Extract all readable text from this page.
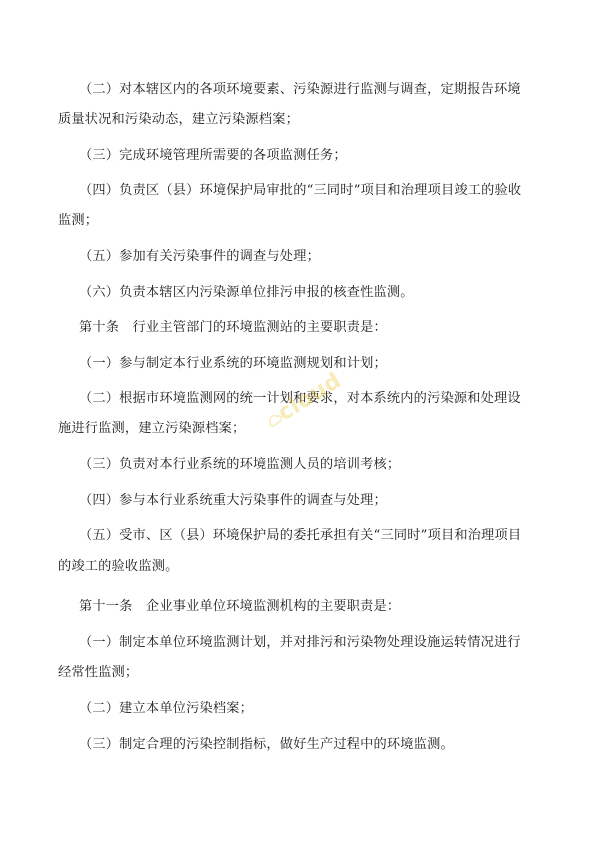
（二）对本辖区内的各项环境要素、污染源进行监测与调查，定期报告环境
质量状况和污染动态，建立污染源档案；
（三）完成环境管理所需要的各项监测任务；
（四）负责区（县）环境保护局审批的“三同时”项目和治理项目竣工的验收
监测；
（五）参加有关污染事件的调查与处理；
（六）负责本辖区内污染源单位排污申报的核查性监测。
第十条　行业主管部门的环境监测站的主要职责是：
（一）参与制定本行业系统的环境监测规划和计划；
（二）根据市环境监测网的统一计划和要求，对本系统内的污染源和处理设
施进行监测，建立污染源档案；
（三）负责对本行业系统的环境监测人员的培训考核；
（四）参与本行业系统重大污染事件的调查与处理；
（五）受市、区（县）环境保护局的委托承担有关“三同时”项目和治理项目
的竣工的验收监测。
第十一条　企业事业单位环境监测机构的主要职责是：
（一）制定本单位环境监测计划，并对排污和污染物处理设施运转情况进行
经常性监测；
（二）建立本单位污染档案；
（三）制定合理的污染控制指标，做好生产过程中的环境监测。
cloud
